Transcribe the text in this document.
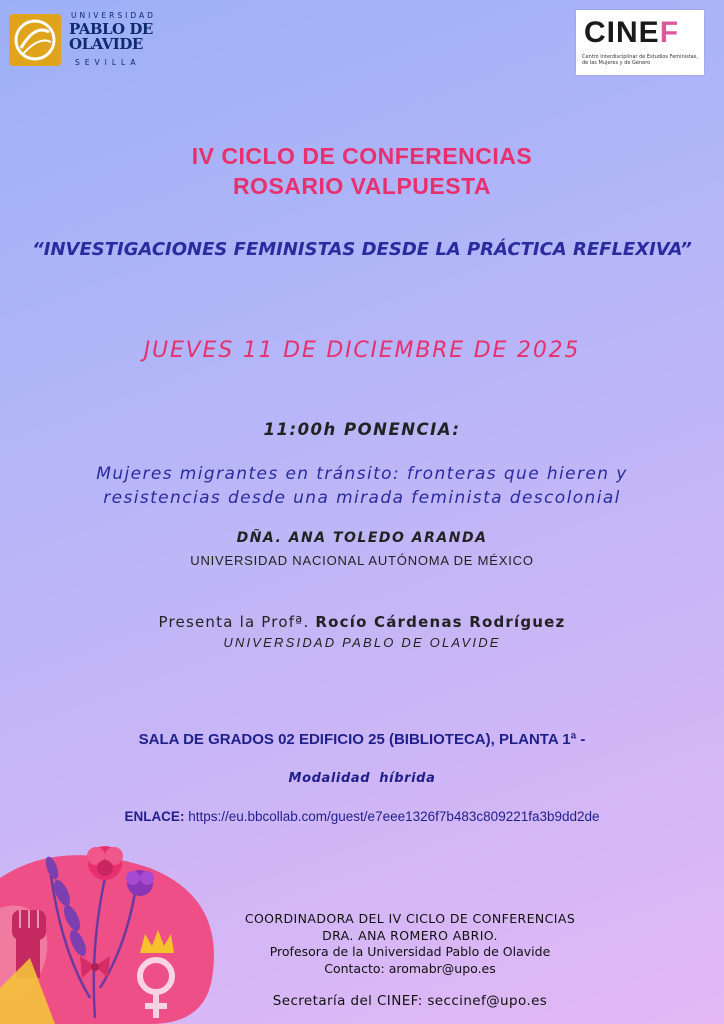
UNIVERSIDAD
PABLO DE
OLAVIDE
SEVILLA
CINEF
Centro Interdisciplinar de Estudios Feministas, de las Mujeres y de Género
IV CICLO DE CONFERENCIAS
ROSARIO VALPUESTA
“INVESTIGACIONES FEMINISTAS DESDE LA PRÁCTICA REFLEXIVA”
JUEVES 11 DE DICIEMBRE DE 2025
11:00h PONENCIA:
Mujeres migrantes en tránsito: fronteras que hieren y
resistencias desde una mirada feminista descolonial
DÑA. ANA TOLEDO ARANDA
UNIVERSIDAD NACIONAL AUTÓNOMA DE MÉXICO
Presenta la Profª. Rocío Cárdenas Rodríguez
UNIVERSIDAD PABLO DE OLAVIDE
SALA DE GRADOS 02 EDIFICIO 25 (BIBLIOTECA), PLANTA 1ª -
Modalidad híbrida
ENLACE: https://eu.bbcollab.com/guest/e7eee1326f7b483c809221fa3b9dd2de
COORDINADORA DEL IV CICLO DE CONFERENCIAS
DRA. ANA ROMERO ABRIO.
Profesora de la Universidad Pablo de Olavide
Contacto: aromabr@upo.es
Secretaría del CINEF: seccinef@upo.es
